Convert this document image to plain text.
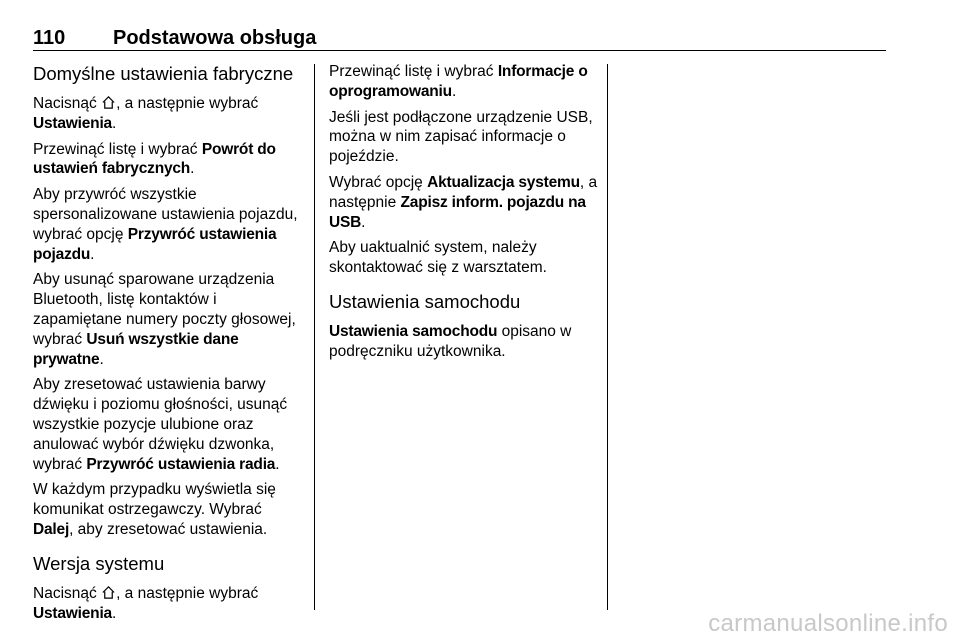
110 Podstawowa obsługa
Domyślne ustawienia fabryczne

Nacisnąć , a następnie wybrać Ustawienia.

Przewinąć listę i wybrać Powrót do ustawień fabrycznych.

Aby przywróć wszystkie spersonalizowane ustawienia pojazdu, wybrać opcję Przywróć ustawienia pojazdu.

Aby usunąć sparowane urządzenia Bluetooth, listę kontaktów i zapamiętane numery poczty głosowej, wybrać Usuń wszystkie dane prywatne.

Aby zresetować ustawienia barwy dźwięku i poziomu głośności, usunąć wszystkie pozycje ulubione oraz anulować wybór dźwięku dzwonka, wybrać Przywróć ustawienia radia.

W każdym przypadku wyświetla się komunikat ostrzegawczy. Wybrać Dalej, aby zresetować ustawienia.

Wersja systemu

Nacisnąć , a następnie wybrać Ustawienia.

Przewinąć listę i wybrać Informacje o oprogramowaniu.

Jeśli jest podłączone urządzenie USB, można w nim zapisać informacje o pojeździe.

Wybrać opcję Aktualizacja systemu, a następnie Zapisz inform. pojazdu na USB.

Aby uaktualnić system, należy skontaktować się z warsztatem.

Ustawienia samochodu

Ustawienia samochodu opisano w podręczniku użytkownika.

carmanualsonline.info
